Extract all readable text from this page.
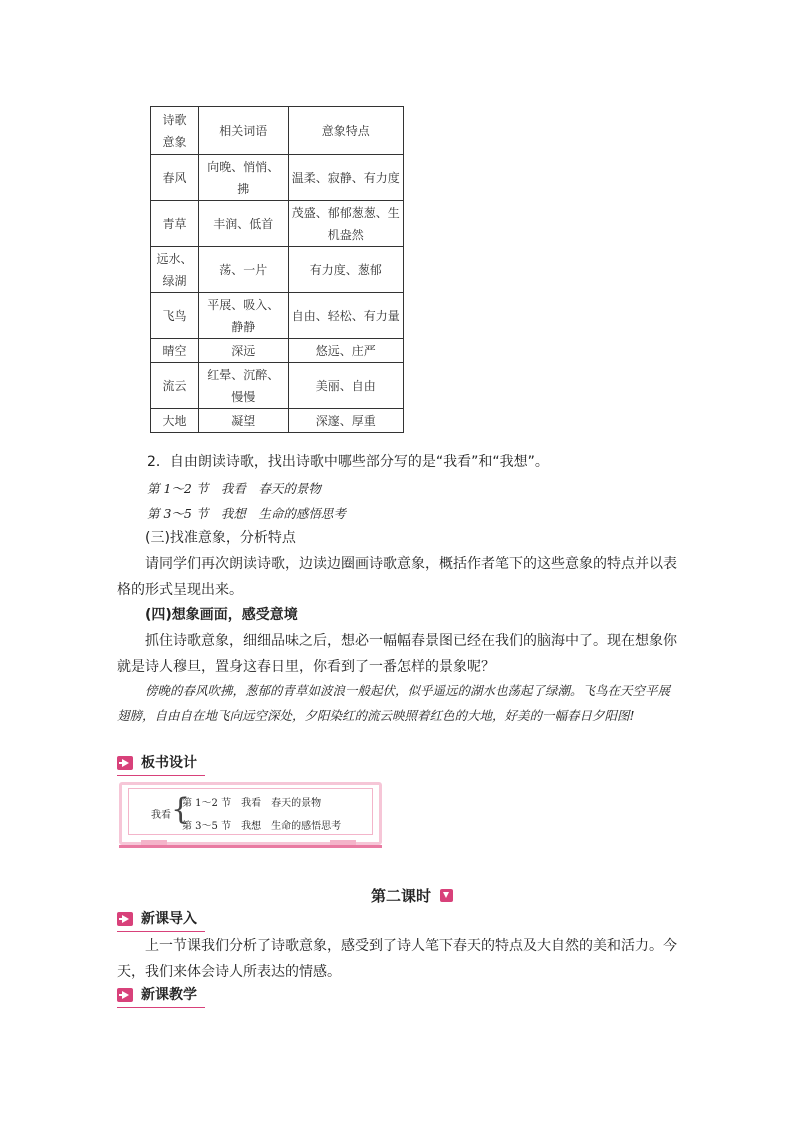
诗歌意象	相关词语	意象特点
春风	向晚、悄悄、拂	温柔、寂静、有力度
青草	丰润、低首	茂盛、郁郁葱葱、生机盎然
远水、绿湖	荡、一片	有力度、葱郁
飞鸟	平展、吸入、静静	自由、轻松、有力量
晴空	深远	悠远、庄严
流云	红晕、沉醉、慢慢	美丽、自由
大地	凝望	深邃、厚重
2．自由朗读诗歌，找出诗歌中哪些部分写的是“我看”和“我想”。
第 1～2 节　我看　春天的景物
第 3～5 节　我想　生命的感悟思考
(三)找准意象，分析特点
请同学们再次朗读诗歌，边读边圈画诗歌意象，概括作者笔下的这些意象的特点并以表格的形式呈现出来。
(四)想象画面，感受意境
抓住诗歌意象，细细品味之后，想必一幅幅春景图已经在我们的脑海中了。现在想象你就是诗人穆旦，置身这春日里，你看到了一番怎样的景象呢？
傍晚的春风吹拂，葱郁的青草如波浪一般起伏，似乎遥远的湖水也荡起了绿潮。飞鸟在天空平展翅膀，自由自在地飞向远空深处，夕阳染红的流云映照着红色的大地，好美的一幅春日夕阳图!
板书设计
我看 {
第 1～2 节　我看　春天的景物
第 3～5 节　我想　生命的感悟思考
第二课时
新课导入
上一节课我们分析了诗歌意象，感受到了诗人笔下春天的特点及大自然的美和活力。今天，我们来体会诗人所表达的情感。
新课教学
